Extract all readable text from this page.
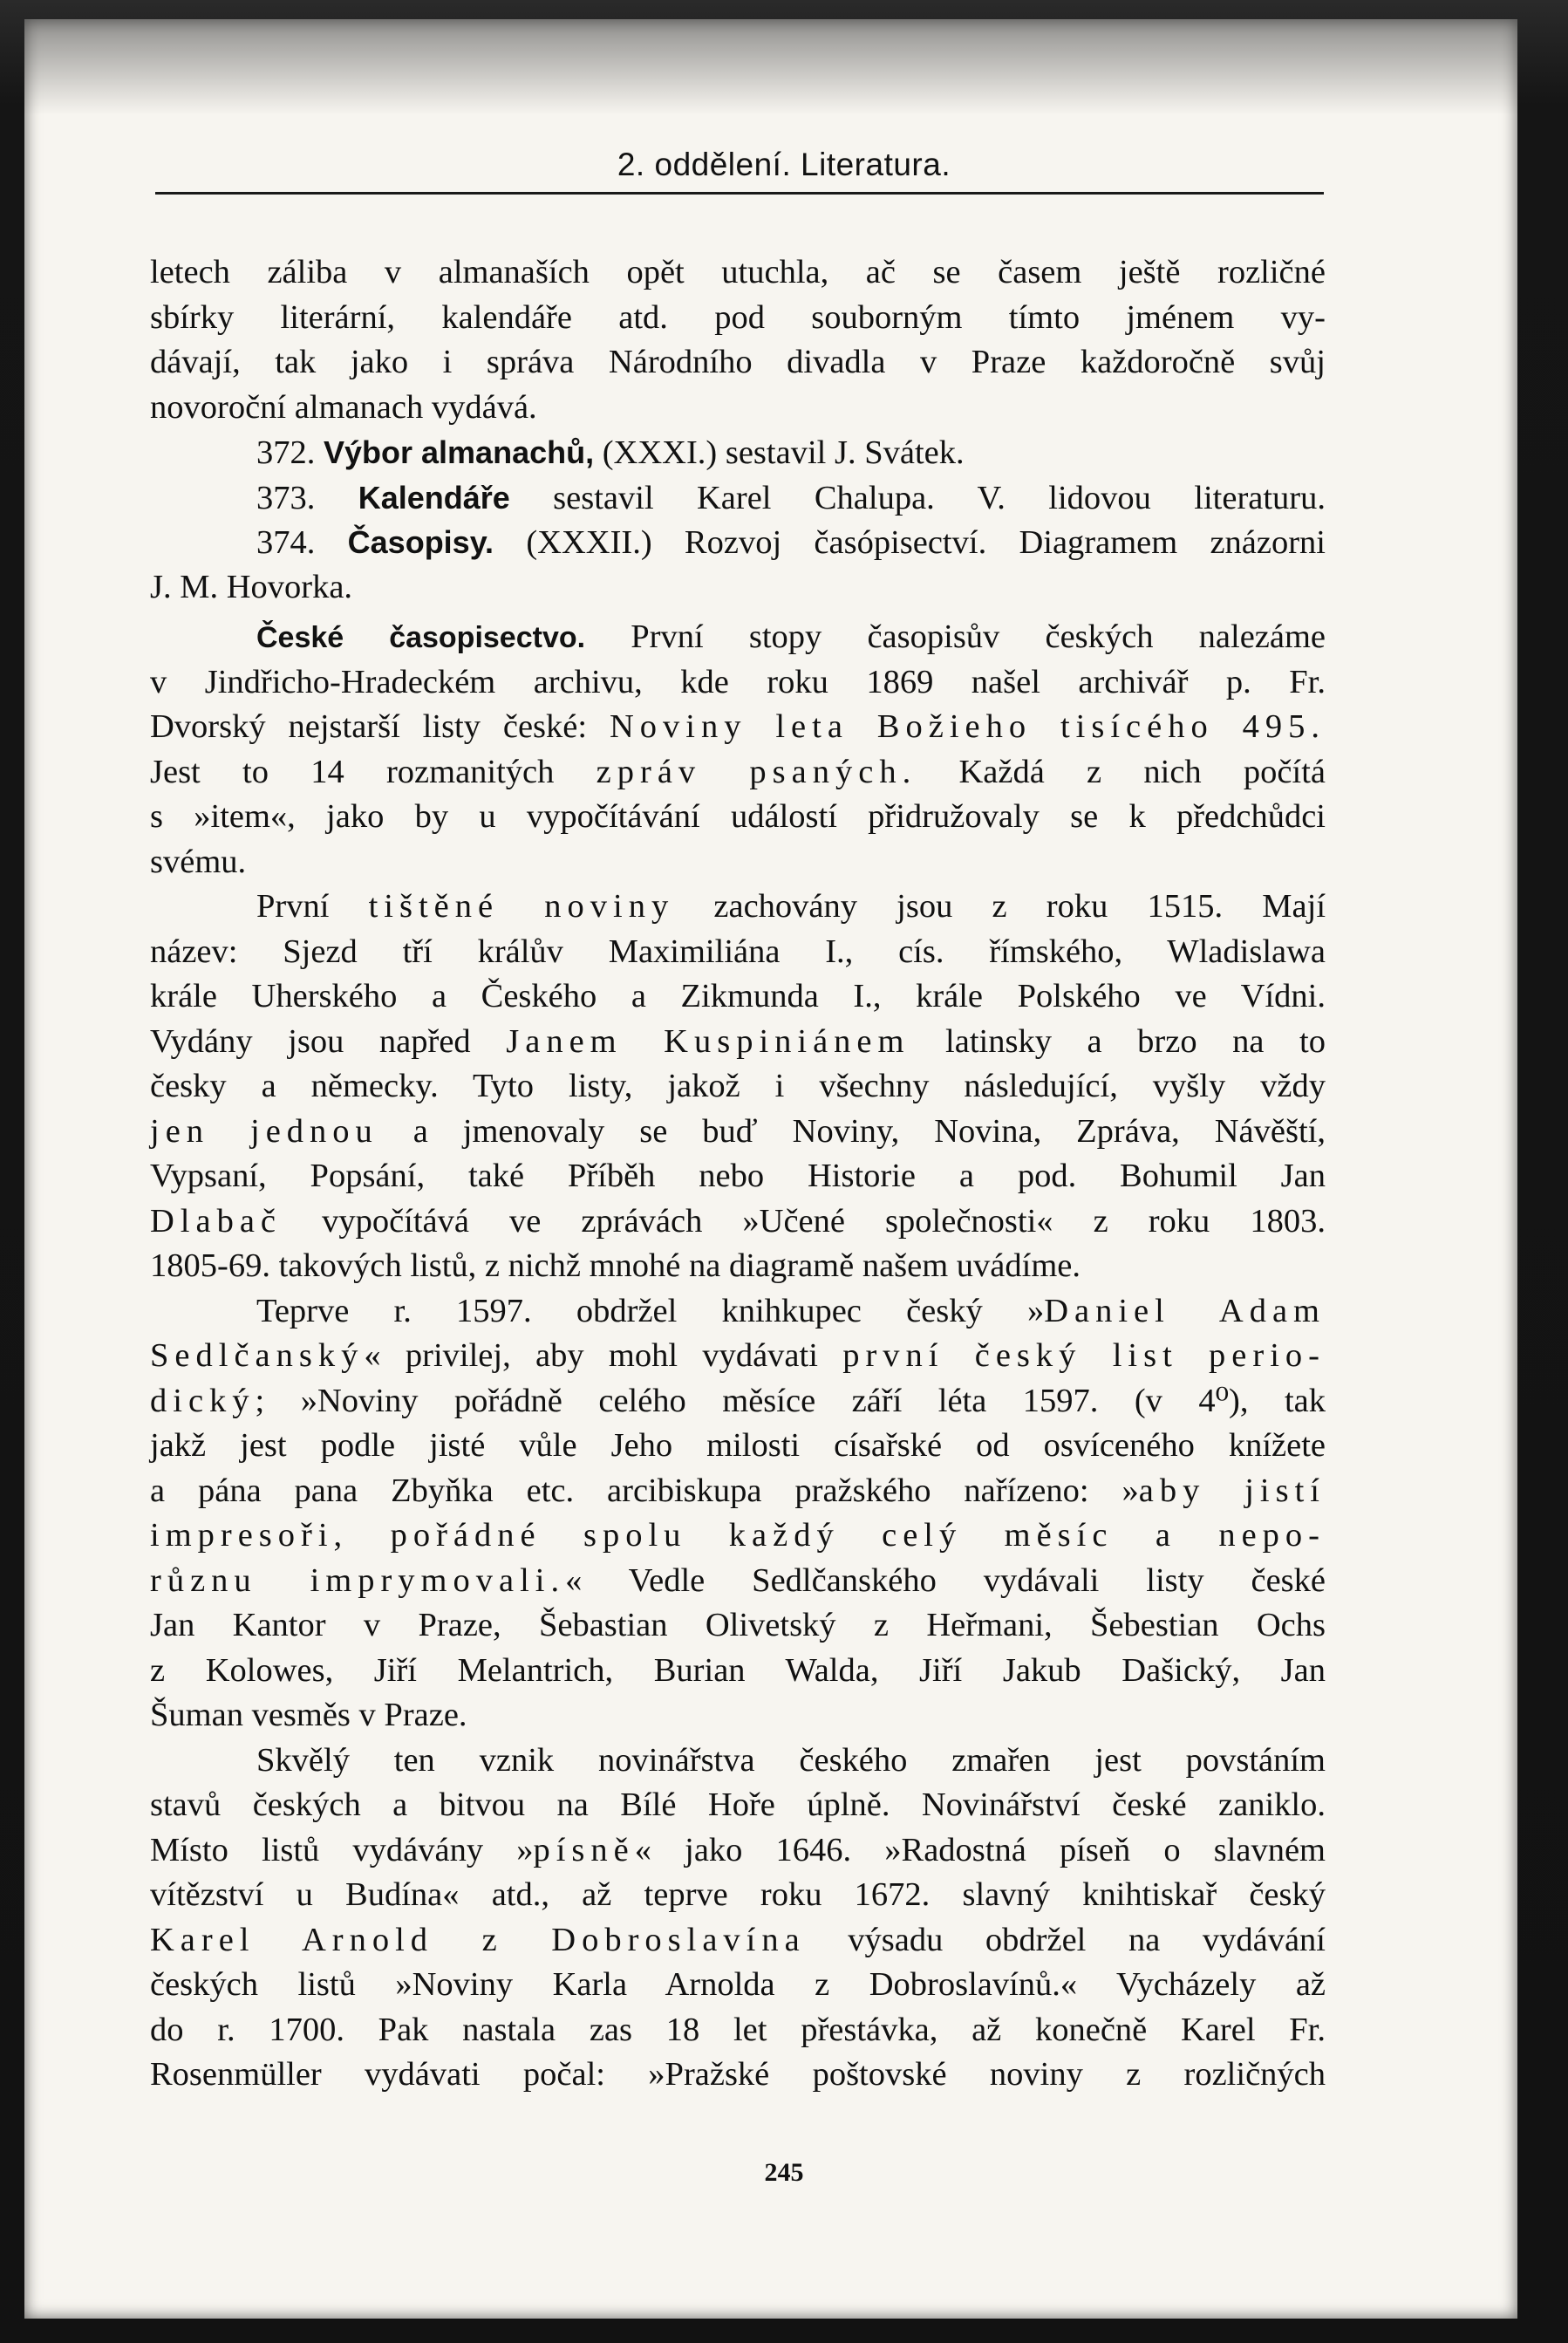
2. oddělení. Literatura.
letech záliba v almanaších opět utuchla, ač se časem ještě rozličné
sbírky literární, kalendáře atd. pod souborným tímto jménem vy-
dávají, tak jako i správa Národního divadla v Praze každoročně svůj
novoroční almanach vydává.
372. Výbor almanachů, (XXXI.) sestavil J. Svátek.
373. Kalendáře sestavil Karel Chalupa. V. lidovou literaturu.
374. Časopisy. (XXXII.) Rozvoj časópisectví. Diagramem znázorni
J. M. Hovorka.
České časopisectvo. První stopy časopisův českých nalezáme
v Jindřicho-Hradeckém archivu, kde roku 1869 našel archivář p. Fr.
Dvorský nejstarší listy české: Noviny leta Božieho tisícého 495.
Jest to 14 rozmanitých zpráv psaných. Každá z nich počítá
s »item«, jako by u vypočítávání událostí přidružovaly se k předchůdci
svému.
První tištěné noviny zachovány jsou z roku 1515. Mají
název: Sjezd tří králův Maximiliána I., cís. římského, Wladislawa
krále Uherského a Českého a Zikmunda I., krále Polského ve Vídni.
Vydány jsou napřed Janem Kuspiniánem latinsky a brzo na to
česky a německy. Tyto listy, jakož i všechny následující, vyšly vždy
jen jednou a jmenovaly se buď Noviny, Novina, Zpráva, Návěští,
Vypsaní, Popsání, také Příběh nebo Historie a pod. Bohumil Jan
Dlabač vypočítává ve zprávách »Učené společnosti« z roku 1803.
1805-69. takových listů, z nichž mnohé na diagramě našem uvádíme.
Teprve r. 1597. obdržel knihkupec český »Daniel Adam
Sedlčanský« privilej, aby mohl vydávati první český list perio-
dický; »Noviny pořádně celého měsíce září léta 1597. (v 4⁰), tak
jakž jest podle jisté vůle Jeho milosti císařské od osvíceného knížete
a pána pana Zbyňka etc. arcibiskupa pražského nařízeno: »aby jistí
impresoři, pořádné spolu každý celý měsíc a nepo-
různu imprymovali.« Vedle Sedlčanského vydávali listy české
Jan Kantor v Praze, Šebastian Olivetský z Heřmani, Šebestian Ochs
z Kolowes, Jiří Melantrich, Burian Walda, Jiří Jakub Dašický, Jan
Šuman vesměs v Praze.
Skvělý ten vznik novinářstva českého zmařen jest povstáním
stavů českých a bitvou na Bílé Hoře úplně. Novinářství české zaniklo.
Místo listů vydávány »písně« jako 1646. »Radostná píseň o slavném
vítězství u Budína« atd., až teprve roku 1672. slavný knihtiskař český
Karel Arnold z Dobroslavína výsadu obdržel na vydávání
českých listů »Noviny Karla Arnolda z Dobroslavínů.« Vycházely až
do r. 1700. Pak nastala zas 18 let přestávka, až konečně Karel Fr.
Rosenmüller vydávati počal: »Pražské poštovské noviny z rozličných
245
